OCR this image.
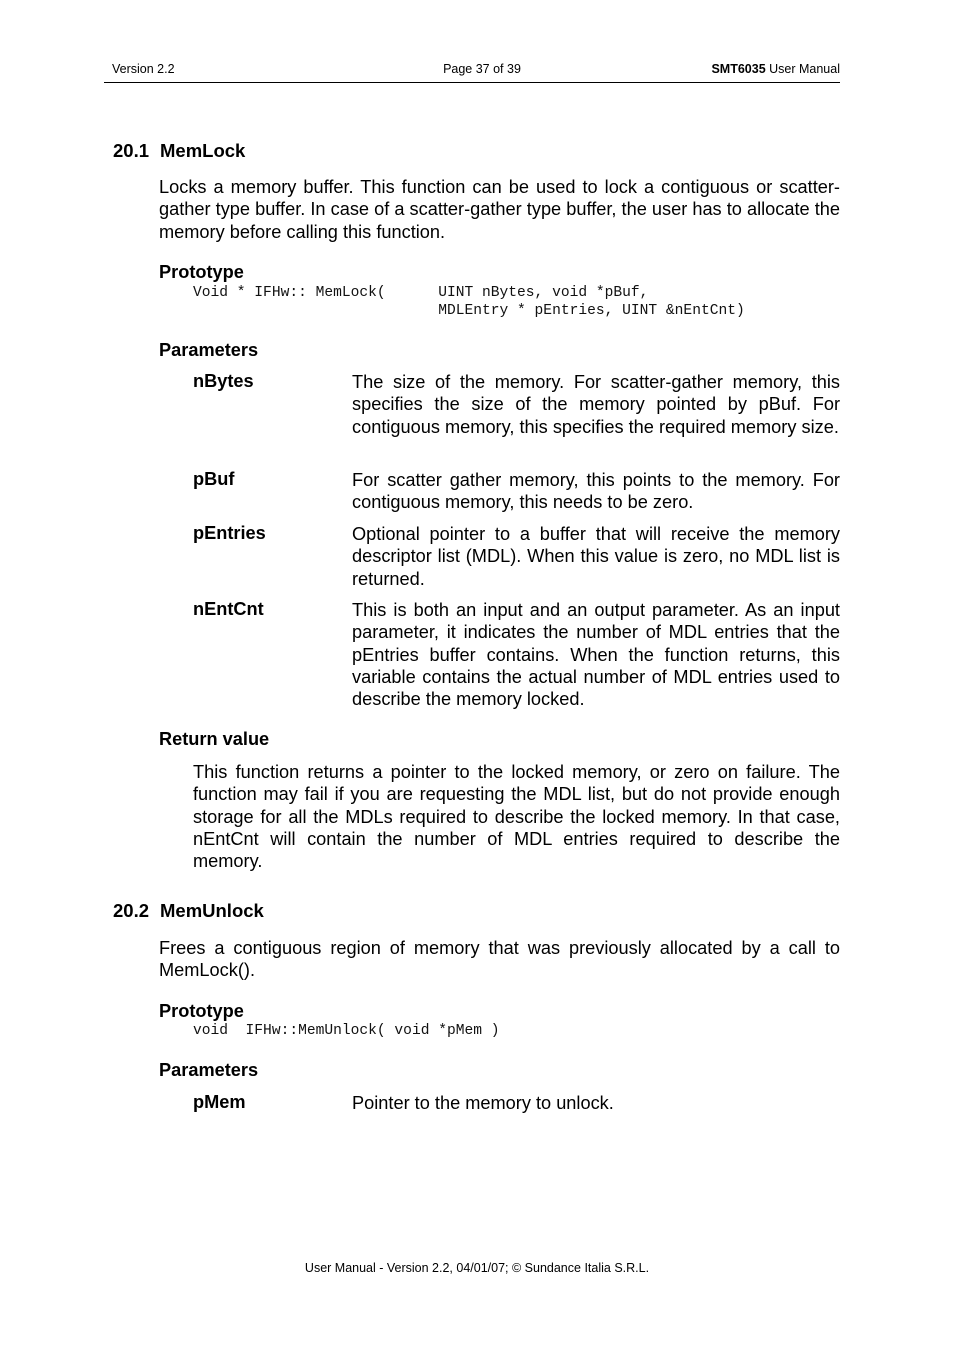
Version 2.2	Page 37 of 39	SMT6035 User Manual
20.1 MemLock
Locks a memory buffer. This function can be used to lock a contiguous or scatter-gather type buffer. In case of a scatter-gather type buffer, the user has to allocate the memory before calling this function.
Prototype
Void * IFHw:: MemLock(      UINT nBytes, void *pBuf,
MDLEntry * pEntries, UINT &nEntCnt)
Parameters
nBytes	The size of the memory. For scatter-gather memory, this specifies the size of the memory pointed by pBuf. For contiguous memory, this specifies the required memory size.
pBuf	For scatter gather memory, this points to the memory. For contiguous memory, this needs to be zero.
pEntries	Optional pointer to a buffer that will receive the memory descriptor list (MDL). When this value is zero, no MDL list is returned.
nEntCnt	This is both an input and an output parameter. As an input parameter, it indicates the number of MDL entries that the pEntries buffer contains. When the function returns, this variable contains the actual number of MDL entries used to describe the memory locked.
Return value
This function returns a pointer to the locked memory, or zero on failure. The function may fail if you are requesting the MDL list, but do not provide enough storage for all the MDLs required to describe the locked memory. In that case, nEntCnt will contain the number of MDL entries required to describe the memory.
20.2 MemUnlock
Frees a contiguous region of memory that was previously allocated by a call to MemLock().
Prototype
void  IFHw::MemUnlock( void *pMem )
Parameters
pMem	Pointer to the memory to unlock.
User Manual - Version 2.2, 04/01/07; © Sundance Italia S.R.L.
